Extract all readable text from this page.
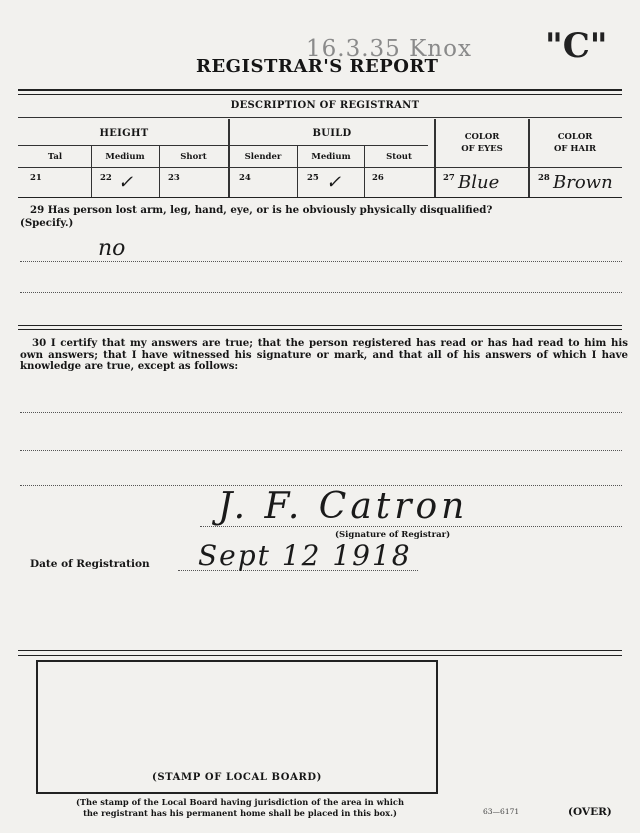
16.3.35 Knox "C"
REGISTRAR'S REPORT
DESCRIPTION OF REGISTRANT
HEIGHT	BUILD
Tal	Medium	Short	Slender	Medium	Stout
COLOR
OF EYES
COLOR
OF HAIR
21	22 ✓	23	24	25 ✓	26	27 Blue	28 Brown
29 Has person lost arm, leg, hand, eye, or is he obviously physically disqualified?
(Specify.)
no
30 I certify that my answers are true; that the person registered has read or has had read to him his own answers; that I have witnessed his signature or mark, and that all of his answers of which I have knowledge are true, except as follows:
J. F. Catron
(Signature of Registrar)
Date of Registration Sept 12 1918
(STAMP OF LOCAL BOARD)
(The stamp of the Local Board having jurisdiction of the area in which
the registrant has his permanent home shall be placed in this box.)	63—6171	(OVER)
